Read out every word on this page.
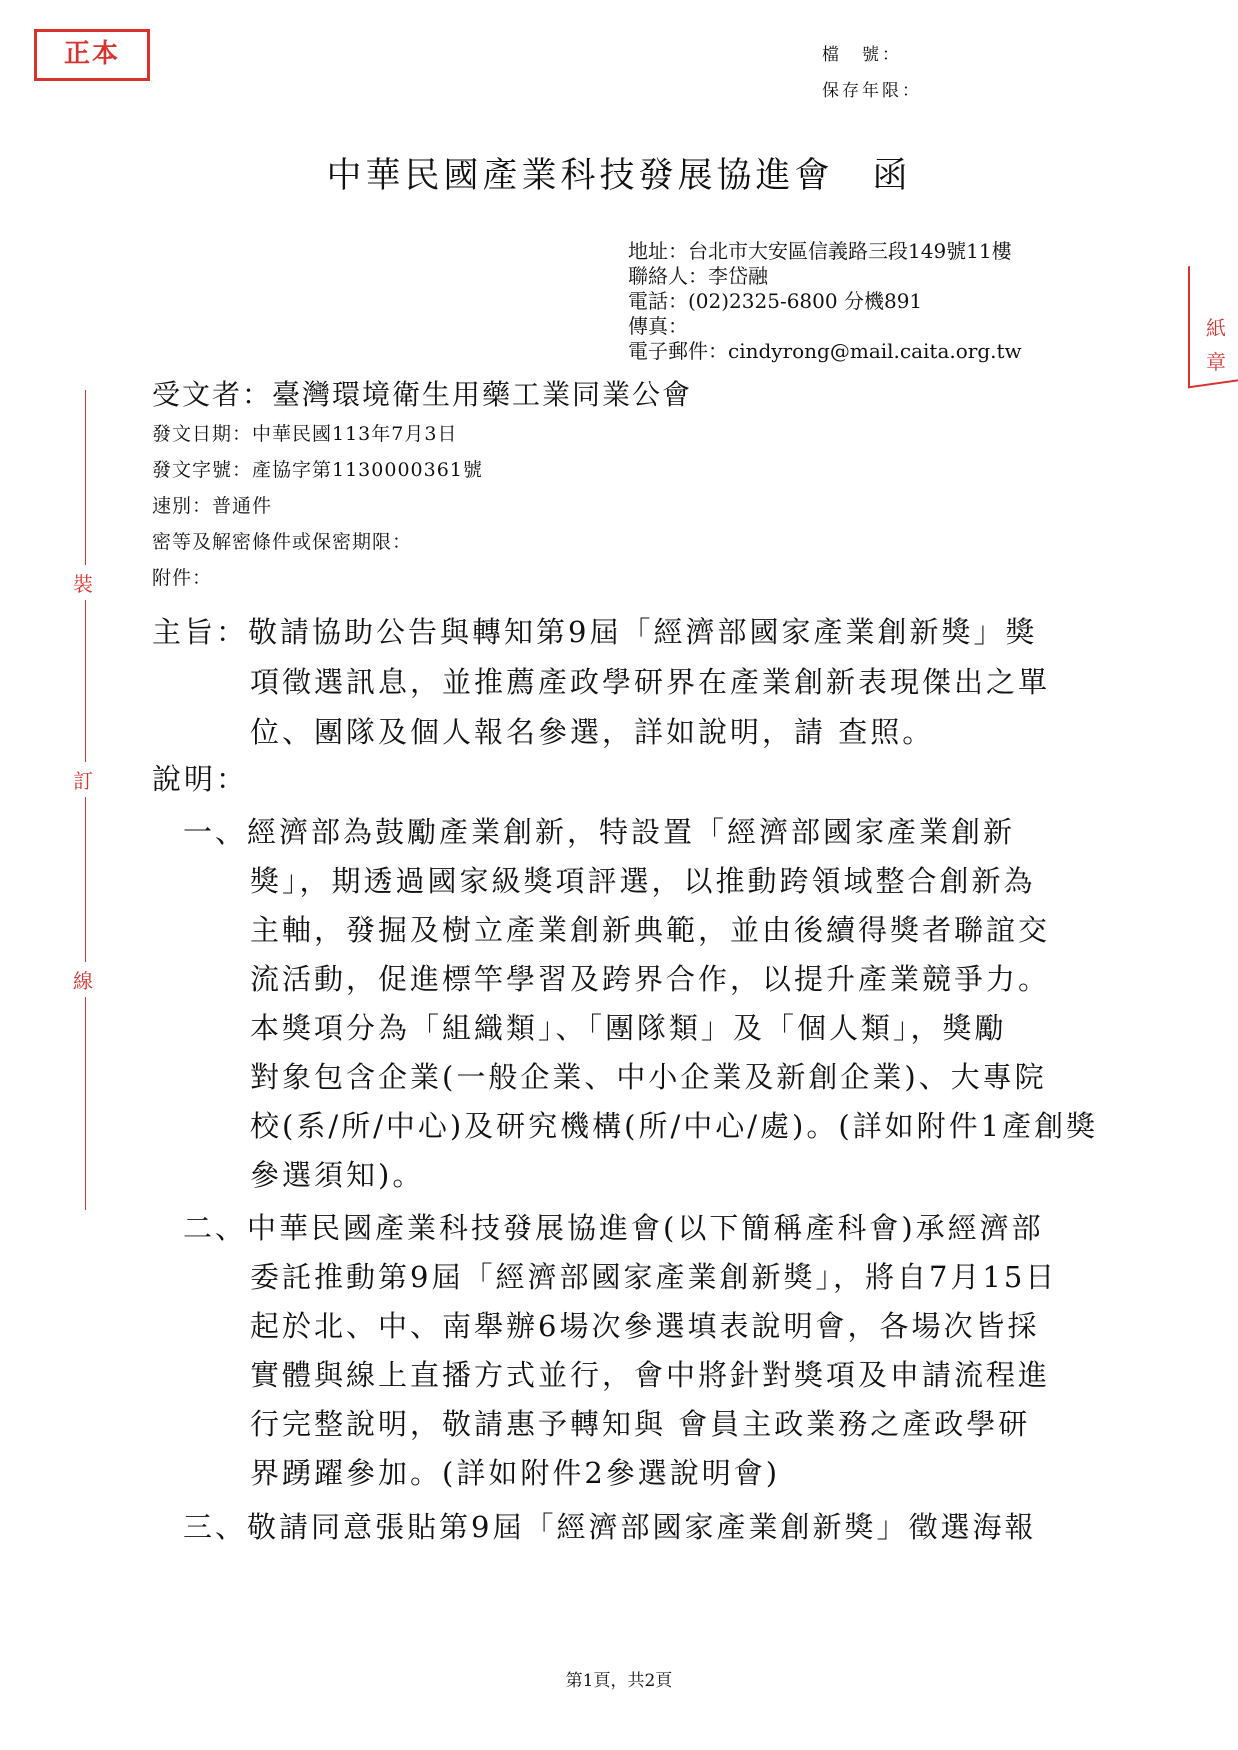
正本	檔　號：
保存年限：
中華民國產業科技發展協進會　函
地址：台北市大安區信義路三段149號11樓
聯絡人：李岱融
電話：(02)2325-6800 分機891
傳真：
電子郵件：cindyrong@mail.caita.org.tw
受文者：臺灣環境衛生用藥工業同業公會
發文日期：中華民國113年7月3日
發文字號：產協字第1130000361號
速別：普通件
密等及解密條件或保密期限：
附件：
主旨：敬請協助公告與轉知第9屆「經濟部國家產業創新獎」獎
項徵選訊息，並推薦產政學研界在產業創新表現傑出之單
位、團隊及個人報名參選，詳如說明，請 查照。
說明：
一、經濟部為鼓勵產業創新，特設置「經濟部國家產業創新
獎」，期透過國家級獎項評選，以推動跨領域整合創新為
主軸，發掘及樹立產業創新典範，並由後續得獎者聯誼交
流活動，促進標竿學習及跨界合作，以提升產業競爭力。
本獎項分為「組織類」、「團隊類」及「個人類」，獎勵
對象包含企業(一般企業、中小企業及新創企業)、大專院
校(系/所/中心)及研究機構(所/中心/處)。(詳如附件1產創獎
參選須知)。
二、中華民國產業科技發展協進會(以下簡稱產科會)承經濟部
委託推動第9屆「經濟部國家產業創新獎」，將自7月15日
起於北、中、南舉辦6場次參選填表說明會，各場次皆採
實體與線上直播方式並行，會中將針對獎項及申請流程進
行完整說明，敬請惠予轉知與 會員主政業務之產政學研
界踴躍參加。(詳如附件2參選說明會)
三、敬請同意張貼第9屆「經濟部國家產業創新獎」徵選海報
裝
訂
線
紙
章
第1頁，共2頁
